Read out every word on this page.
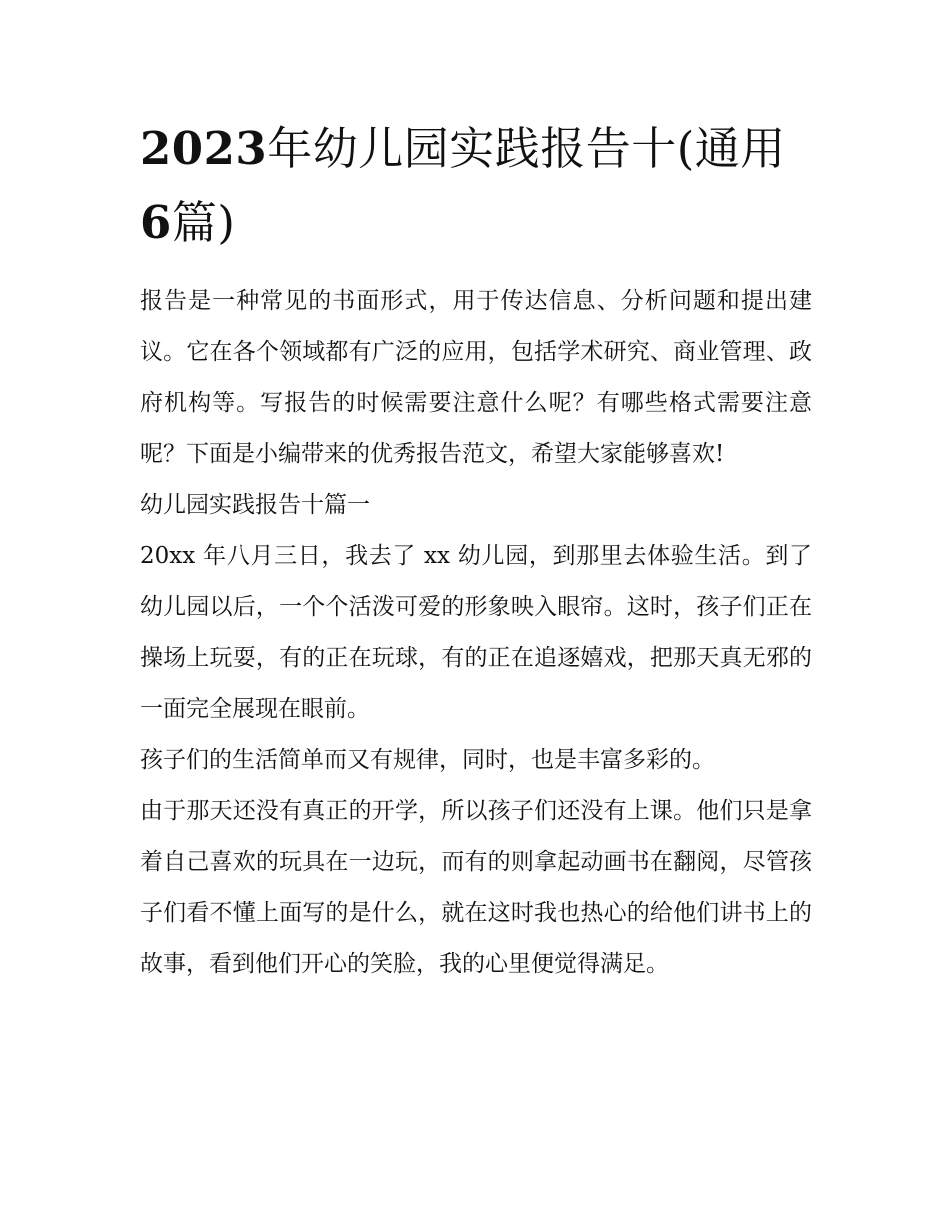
2023年幼儿园实践报告十(通用6篇)

报告是一种常见的书面形式，用于传达信息、分析问题和提出建议。它在各个领域都有广泛的应用，包括学术研究、商业管理、政府机构等。写报告的时候需要注意什么呢？有哪些格式需要注意呢？下面是小编带来的优秀报告范文，希望大家能够喜欢!

幼儿园实践报告十篇一

20xx 年八月三日，我去了 xx 幼儿园，到那里去体验生活。到了幼儿园以后，一个个活泼可爱的形象映入眼帘。这时，孩子们正在操场上玩耍，有的正在玩球，有的正在追逐嬉戏，把那天真无邪的一面完全展现在眼前。

孩子们的生活简单而又有规律，同时，也是丰富多彩的。

由于那天还没有真正的开学，所以孩子们还没有上课。他们只是拿着自己喜欢的玩具在一边玩，而有的则拿起动画书在翻阅，尽管孩子们看不懂上面写的是什么，就在这时我也热心的给他们讲书上的故事，看到他们开心的笑脸，我的心里便觉得满足。
